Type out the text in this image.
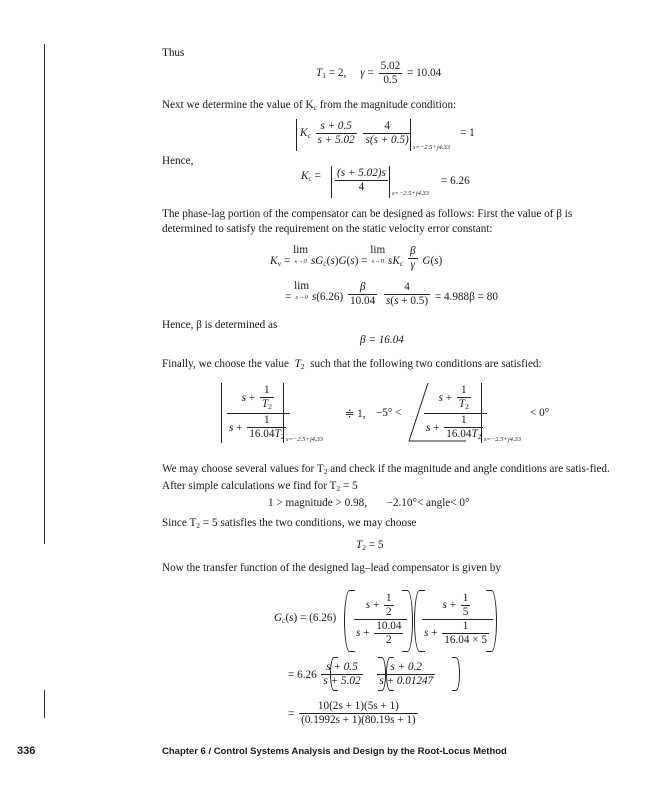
Thus
$T_1 = 2$, $\gamma = \frac{5.02}{0.5} = 10.04$
Next we determine the value of $K_c$ from the magnitude condition:
$K_c \frac{s + 0.5}{s + 5.02}$
$\frac{4}{s(s + 0.5)}$
s=−2.5+j4.33
= 1
Hence,
$K_c = \frac{(s + 5.02)s}{4} s=-2.5+j4.33$
= 6.26
The phase-lag portion of the compensator can be designed as follows: First the value of β is determined to satisfy the requirement on the static velocity error constant:
$K_v = \lim$
s→0 $sG_c(s)G(s) = \lim$
s→0 $sK_c \frac{\beta}{\gamma} G(s)$
= lim
s→0 $s(6.26) \frac{\beta}{10.04}$
$\frac{4}{s(s + 0.5)} = 4.988\beta = 80$
Hence, β is determined as
β = 16.04
Finally, we choose the value $T_2$ such that the following two conditions are satisfied:
$\frac{s + \frac{1}{T_2}}{s + \frac{1}{16.04T_2}}$
s=−2.5+j4.33
≑ 1, $-5^\circ < \frac{s + \frac{1}{T_2}}{s + \frac{1}{16.04T_2}}$
s=−2.5+j4.33
< 0°
We may choose several values for $T_2$ and check if the magnitude and angle conditions are satis-fied. After simple calculations we find for $T_2 = 5$
1 > magnitude > 0.98,       −2.10°< angle< 0°
Since $T_2 = 5$ satisfies the two conditions, we may choose
$T_2 = 5$
Now the transfer function of the designed lag–lead compensator is given by
$G_c(s) = (6.26) \frac{s + \frac{1}{2}}{s + \frac{10.04}{2}} \frac{s + \frac{1}{5}}{s + \frac{1}{16.04 \times 5}}$
= $6.26 \frac{s + 0.5}{s + 5.02}$
$\frac{s + 0.2}{s + 0.01247}$
= $\frac{10(2s + 1)(5s + 1)}{(0.1992s + 1)(80.19s + 1)}$
336	Chapter 6 / Control Systems Analysis and Design by the Root-Locus Method
